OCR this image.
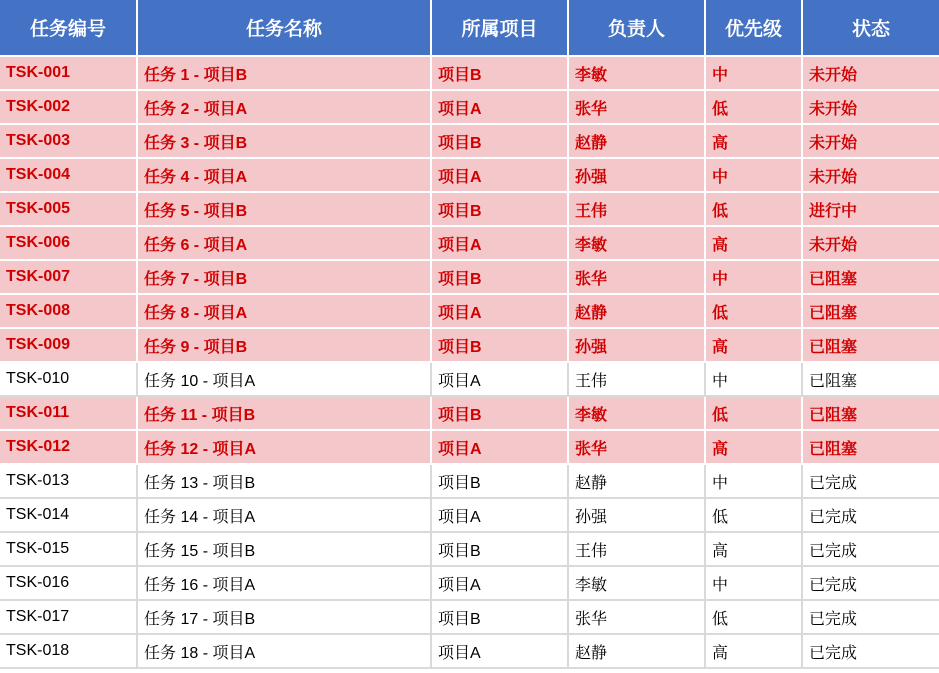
任务编号	任务名称	所属项目	负责人	优先级	状态
TSK-001	任务 1 - 项目B	项目B	李敏	中	未开始
TSK-002	任务 2 - 项目A	项目A	张华	低	未开始
TSK-003	任务 3 - 项目B	项目B	赵静	高	未开始
TSK-004	任务 4 - 项目A	项目A	孙强	中	未开始
TSK-005	任务 5 - 项目B	项目B	王伟	低	进行中
TSK-006	任务 6 - 项目A	项目A	李敏	高	未开始
TSK-007	任务 7 - 项目B	项目B	张华	中	已阻塞
TSK-008	任务 8 - 项目A	项目A	赵静	低	已阻塞
TSK-009	任务 9 - 项目B	项目B	孙强	高	已阻塞
TSK-010	任务 10 - 项目A	项目A	王伟	中	已阻塞
TSK-011	任务 11 - 项目B	项目B	李敏	低	已阻塞
TSK-012	任务 12 - 项目A	项目A	张华	高	已阻塞
TSK-013	任务 13 - 项目B	项目B	赵静	中	已完成
TSK-014	任务 14 - 项目A	项目A	孙强	低	已完成
TSK-015	任务 15 - 项目B	项目B	王伟	高	已完成
TSK-016	任务 16 - 项目A	项目A	李敏	中	已完成
TSK-017	任务 17 - 项目B	项目B	张华	低	已完成
TSK-018	任务 18 - 项目A	项目A	赵静	高	已完成
